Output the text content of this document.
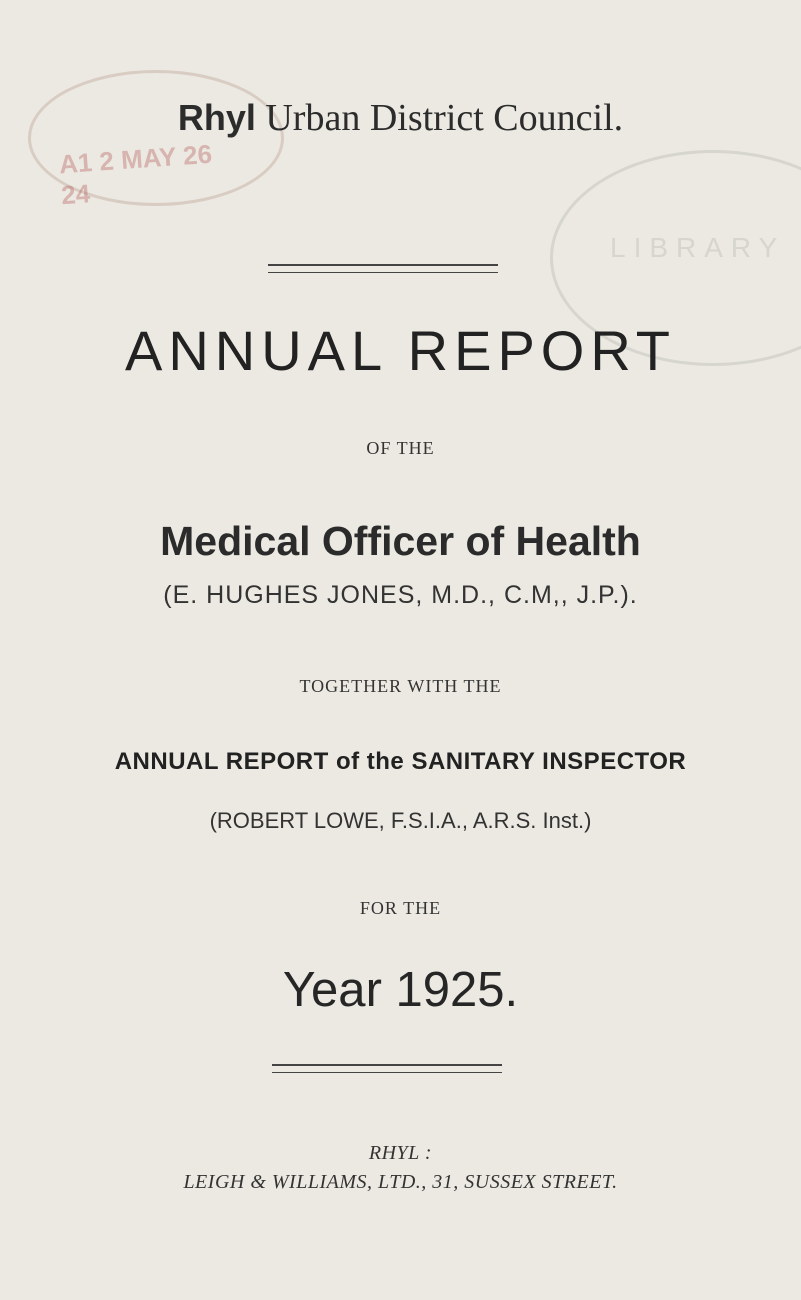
A1 2 MAY 26
24
LIBRARY
Rhyl Urban District Council.
ANNUAL REPORT
OF THE
Medical Officer of Health
(E. HUGHES JONES, M.D., C.M,, J.P.).
TOGETHER WITH THE
ANNUAL REPORT of the SANITARY INSPECTOR
(ROBERT LOWE, F.S.I.A., A.R.S. Inst.)
FOR THE
Year 1925.
RHYL :
LEIGH & WILLIAMS, LTD., 31, SUSSEX STREET.
